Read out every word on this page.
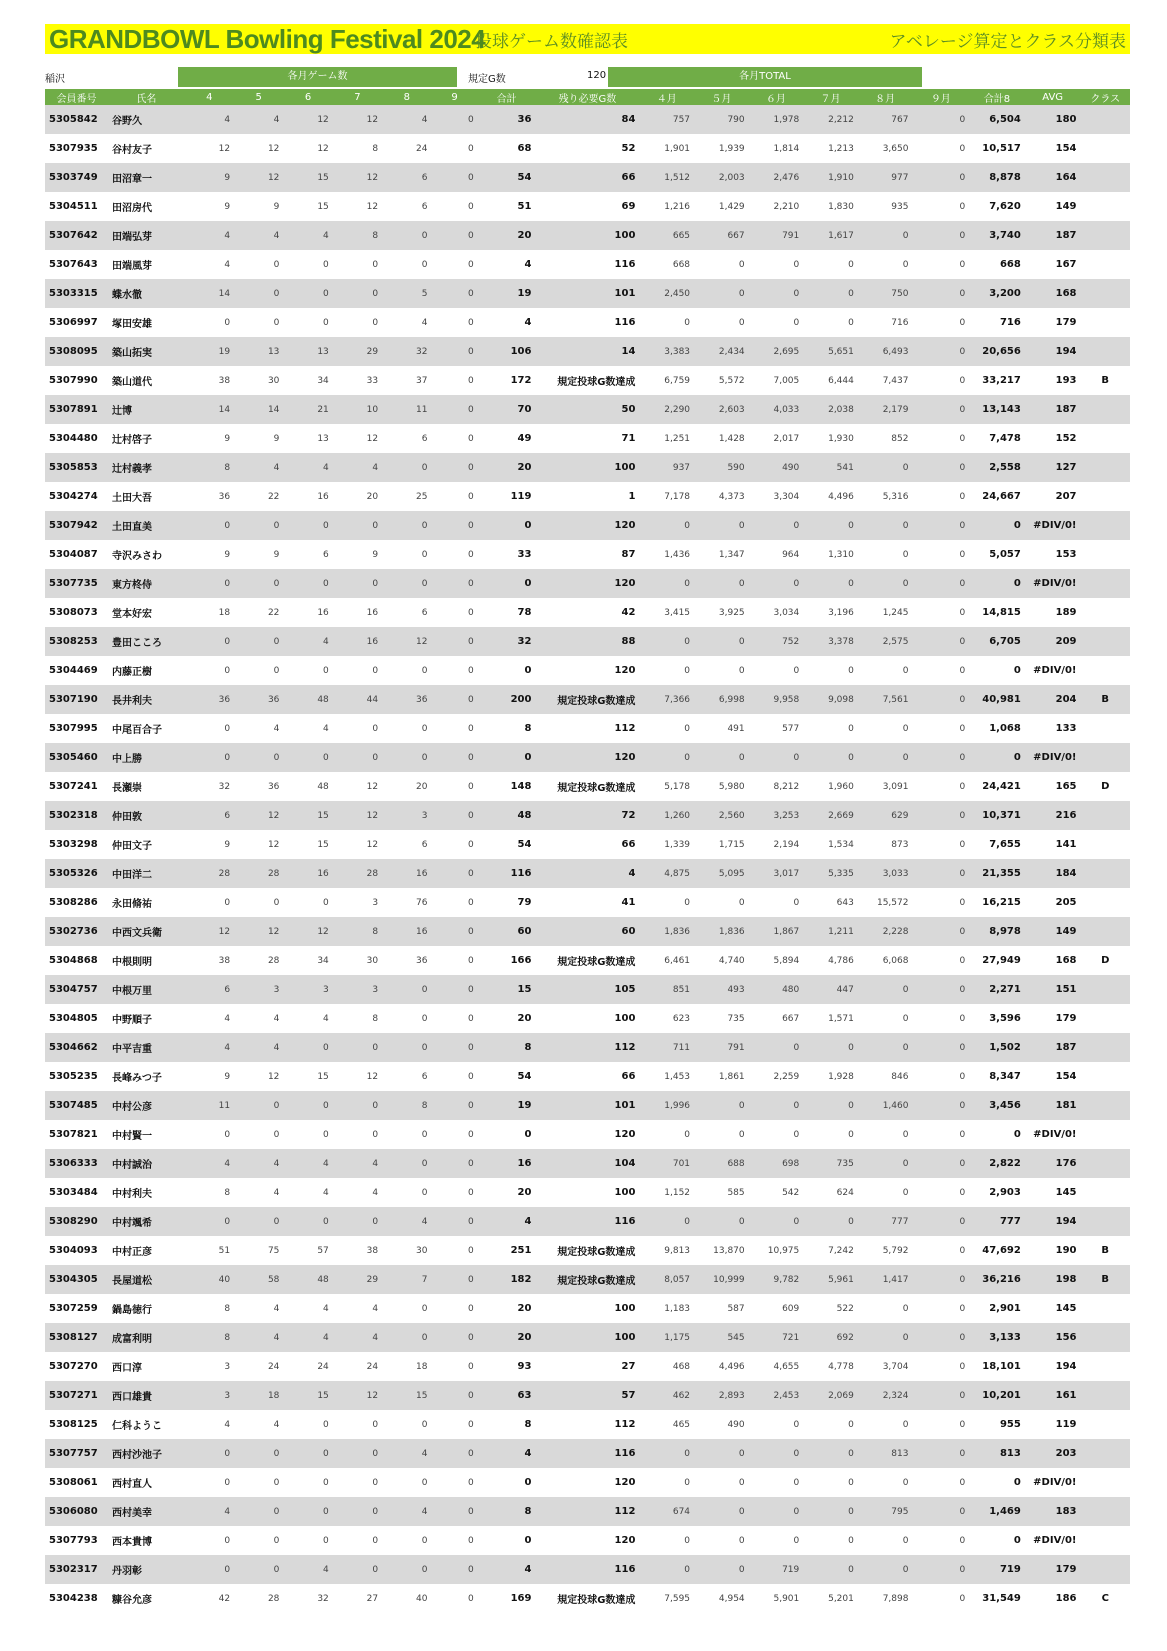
GRANDBOWL Bowling Festival 2024
投球ゲーム数確認表	アベレージ算定とクラス分類表
稲沢	各月ゲーム数	規定G数	120	各月TOTAL
会員番号	氏名	4	5	6	7	8	9	合計	残り必要G数	４月	５月	６月	７月	８月	９月	合計8	AVG	クラス
5305842	谷野久	4	4	12	12	4	0	36	84	757	790	1,978	2,212	767	0	6,504	180	
5307935	谷村友子	12	12	12	8	24	0	68	52	1,901	1,939	1,814	1,213	3,650	0	10,517	154	
5303749	田沼章一	9	12	15	12	6	0	54	66	1,512	2,003	2,476	1,910	977	0	8,878	164	
5304511	田沼房代	9	9	15	12	6	0	51	69	1,216	1,429	2,210	1,830	935	0	7,620	149	
5307642	田端弘芽	4	4	4	8	0	0	20	100	665	667	791	1,617	0	0	3,740	187	
5307643	田端風芽	4	0	0	0	0	0	4	116	668	0	0	0	0	0	668	167	
5303315	蝶水徹	14	0	0	0	5	0	19	101	2,450	0	0	0	750	0	3,200	168	
5306997	塚田安雄	0	0	0	0	4	0	4	116	0	0	0	0	716	0	716	179	
5308095	築山拓実	19	13	13	29	32	0	106	14	3,383	2,434	2,695	5,651	6,493	0	20,656	194	
5307990	築山道代	38	30	34	33	37	0	172	規定投球G数達成	6,759	5,572	7,005	6,444	7,437	0	33,217	193	B
5307891	辻博	14	14	21	10	11	0	70	50	2,290	2,603	4,033	2,038	2,179	0	13,143	187	
5304480	辻村啓子	9	9	13	12	6	0	49	71	1,251	1,428	2,017	1,930	852	0	7,478	152	
5305853	辻村義孝	8	4	4	4	0	0	20	100	937	590	490	541	0	0	2,558	127	
5304274	土田大吾	36	22	16	20	25	0	119	1	7,178	4,373	3,304	4,496	5,316	0	24,667	207	
5307942	土田直美	0	0	0	0	0	0	0	120	0	0	0	0	0	0	0	#DIV/0!	
5304087	寺沢みさわ	9	9	6	9	0	0	33	87	1,436	1,347	964	1,310	0	0	5,057	153	
5307735	東方柊侍	0	0	0	0	0	0	0	120	0	0	0	0	0	0	0	#DIV/0!	
5308073	堂本好宏	18	22	16	16	6	0	78	42	3,415	3,925	3,034	3,196	1,245	0	14,815	189	
5308253	豊田こころ	0	0	4	16	12	0	32	88	0	0	752	3,378	2,575	0	6,705	209	
5304469	内藤正樹	0	0	0	0	0	0	0	120	0	0	0	0	0	0	0	#DIV/0!	
5307190	長井利夫	36	36	48	44	36	0	200	規定投球G数達成	7,366	6,998	9,958	9,098	7,561	0	40,981	204	B
5307995	中尾百合子	0	4	4	0	0	0	8	112	0	491	577	0	0	0	1,068	133	
5305460	中上勝	0	0	0	0	0	0	0	120	0	0	0	0	0	0	0	#DIV/0!	
5307241	長瀬崇	32	36	48	12	20	0	148	規定投球G数達成	5,178	5,980	8,212	1,960	3,091	0	24,421	165	D
5302318	仲田敦	6	12	15	12	3	0	48	72	1,260	2,560	3,253	2,669	629	0	10,371	216	
5303298	仲田文子	9	12	15	12	6	0	54	66	1,339	1,715	2,194	1,534	873	0	7,655	141	
5305326	中田洋二	28	28	16	28	16	0	116	4	4,875	5,095	3,017	5,335	3,033	0	21,355	184	
5308286	永田脩祐	0	0	0	3	76	0	79	41	0	0	0	643	15,572	0	16,215	205	
5302736	中西文兵衛	12	12	12	8	16	0	60	60	1,836	1,836	1,867	1,211	2,228	0	8,978	149	
5304868	中根則明	38	28	34	30	36	0	166	規定投球G数達成	6,461	4,740	5,894	4,786	6,068	0	27,949	168	D
5304757	中根万里	6	3	3	3	0	0	15	105	851	493	480	447	0	0	2,271	151	
5304805	中野順子	4	4	4	8	0	0	20	100	623	735	667	1,571	0	0	3,596	179	
5304662	中平吉重	4	4	0	0	0	0	8	112	711	791	0	0	0	0	1,502	187	
5305235	長峰みつ子	9	12	15	12	6	0	54	66	1,453	1,861	2,259	1,928	846	0	8,347	154	
5307485	中村公彦	11	0	0	0	8	0	19	101	1,996	0	0	0	1,460	0	3,456	181	
5307821	中村賢一	0	0	0	0	0	0	0	120	0	0	0	0	0	0	0	#DIV/0!	
5306333	中村誠治	4	4	4	4	0	0	16	104	701	688	698	735	0	0	2,822	176	
5303484	中村利夫	8	4	4	4	0	0	20	100	1,152	585	542	624	0	0	2,903	145	
5308290	中村颯希	0	0	0	0	4	0	4	116	0	0	0	0	777	0	777	194	
5304093	中村正彦	51	75	57	38	30	0	251	規定投球G数達成	9,813	13,870	10,975	7,242	5,792	0	47,692	190	B
5304305	長屋道松	40	58	48	29	7	0	182	規定投球G数達成	8,057	10,999	9,782	5,961	1,417	0	36,216	198	B
5307259	鍋島徳行	8	4	4	4	0	0	20	100	1,183	587	609	522	0	0	2,901	145	
5308127	成富利明	8	4	4	4	0	0	20	100	1,175	545	721	692	0	0	3,133	156	
5307270	西口淳	3	24	24	24	18	0	93	27	468	4,496	4,655	4,778	3,704	0	18,101	194	
5307271	西口雄貴	3	18	15	12	15	0	63	57	462	2,893	2,453	2,069	2,324	0	10,201	161	
5308125	仁科ようこ	4	4	0	0	0	0	8	112	465	490	0	0	0	0	955	119	
5307757	西村沙池子	0	0	0	0	4	0	4	116	0	0	0	0	813	0	813	203	
5308061	西村直人	0	0	0	0	0	0	0	120	0	0	0	0	0	0	0	#DIV/0!	
5306080	西村美幸	4	0	0	0	4	0	8	112	674	0	0	0	795	0	1,469	183	
5307793	西本貴博	0	0	0	0	0	0	0	120	0	0	0	0	0	0	0	#DIV/0!	
5302317	丹羽彰	0	0	4	0	0	0	4	116	0	0	719	0	0	0	719	179	
5304238	糠谷允彦	42	28	32	27	40	0	169	規定投球G数達成	7,595	4,954	5,901	5,201	7,898	0	31,549	186	C
